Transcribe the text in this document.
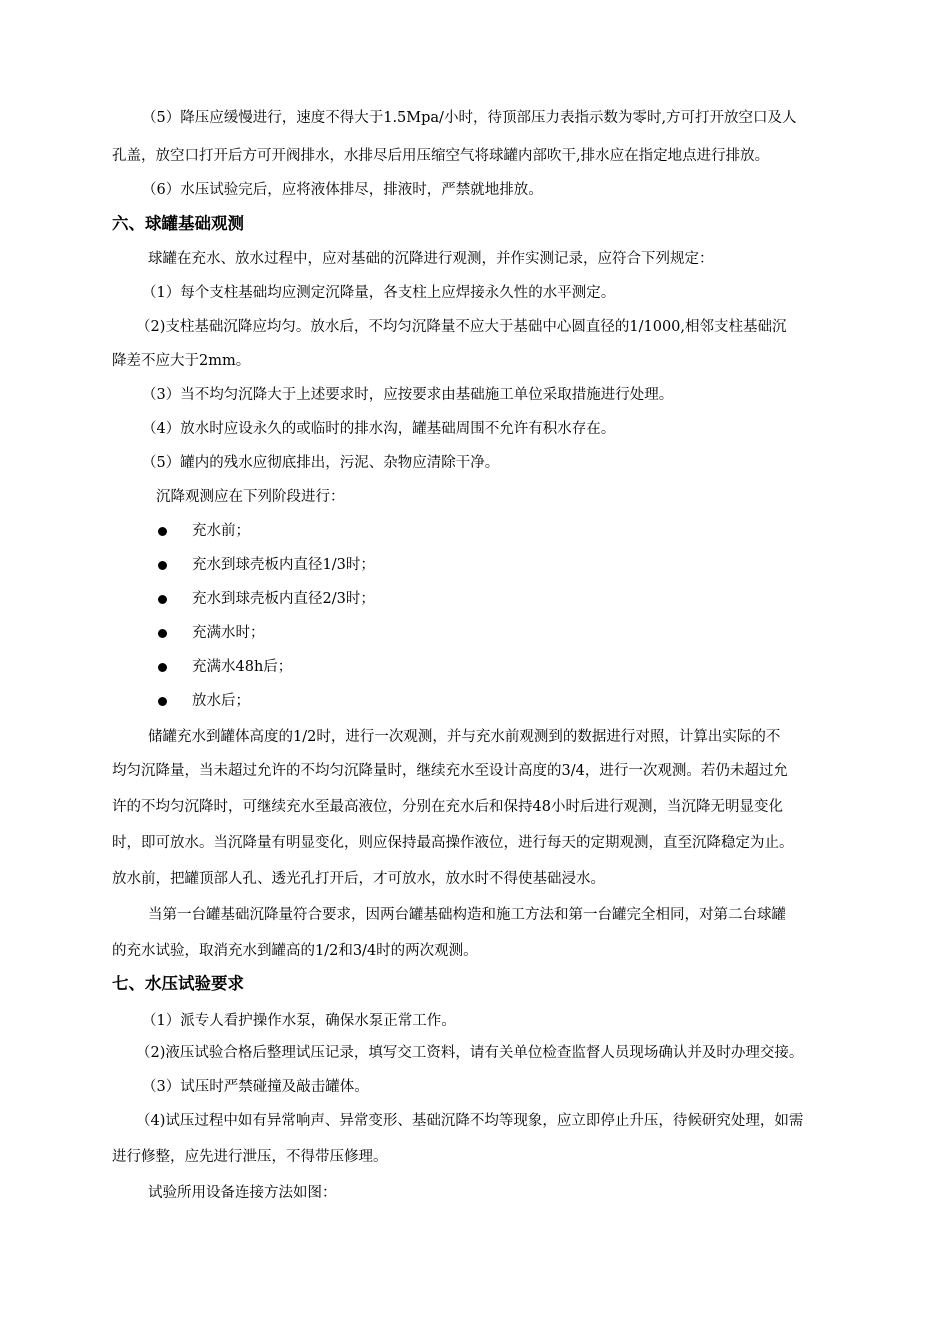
（5）降压应缓慢进行，速度不得大于1.5Mpa/小时，待顶部压力表指示数为零时,方可打开放空口及人
孔盖，放空口打开后方可开阀排水，水排尽后用压缩空气将球罐内部吹干,排水应在指定地点进行排放。
（6）水压试验完后，应将液体排尽，排液时，严禁就地排放。
六、球罐基础观测
球罐在充水、放水过程中，应对基础的沉降进行观测，并作实测记录，应符合下列规定：
（1）每个支柱基础均应测定沉降量，各支柱上应焊接永久性的水平测定。
（2)支柱基础沉降应均匀。放水后，不均匀沉降量不应大于基础中心圆直径的1/1000,相邻支柱基础沉
降差不应大于2mm。
（3）当不均匀沉降大于上述要求时，应按要求由基础施工单位采取措施进行处理。
（4）放水时应设永久的或临时的排水沟，罐基础周围不允许有积水存在。
（5）罐内的残水应彻底排出，污泥、杂物应清除干净。
沉降观测应在下列阶段进行：
充水前；
充水到球壳板内直径1/3时；
充水到球壳板内直径2/3时；
充满水时；
充满水48h后；
放水后；
储罐充水到罐体高度的1/2时，进行一次观测，并与充水前观测到的数据进行对照，计算出实际的不
均匀沉降量，当未超过允许的不均匀沉降量时，继续充水至设计高度的3/4，进行一次观测。若仍未超过允
许的不均匀沉降时，可继续充水至最高液位，分别在充水后和保持48小时后进行观测，当沉降无明显变化
时，即可放水。当沉降量有明显变化，则应保持最高操作液位，进行每天的定期观测，直至沉降稳定为止。
放水前，把罐顶部人孔、透光孔打开后，才可放水，放水时不得使基础浸水。
当第一台罐基础沉降量符合要求，因两台罐基础构造和施工方法和第一台罐完全相同，对第二台球罐
的充水试验，取消充水到罐高的1/2和3/4时的两次观测。
七、水压试验要求
（1）派专人看护操作水泵，确保水泵正常工作。
（2)液压试验合格后整理试压记录，填写交工资料，请有关单位检查监督人员现场确认并及时办理交接。
（3）试压时严禁碰撞及敲击罐体。
（4)试压过程中如有异常响声、异常变形、基础沉降不均等现象，应立即停止升压，待候研究处理，如需
进行修整，应先进行泄压，不得带压修理。
试验所用设备连接方法如图：
